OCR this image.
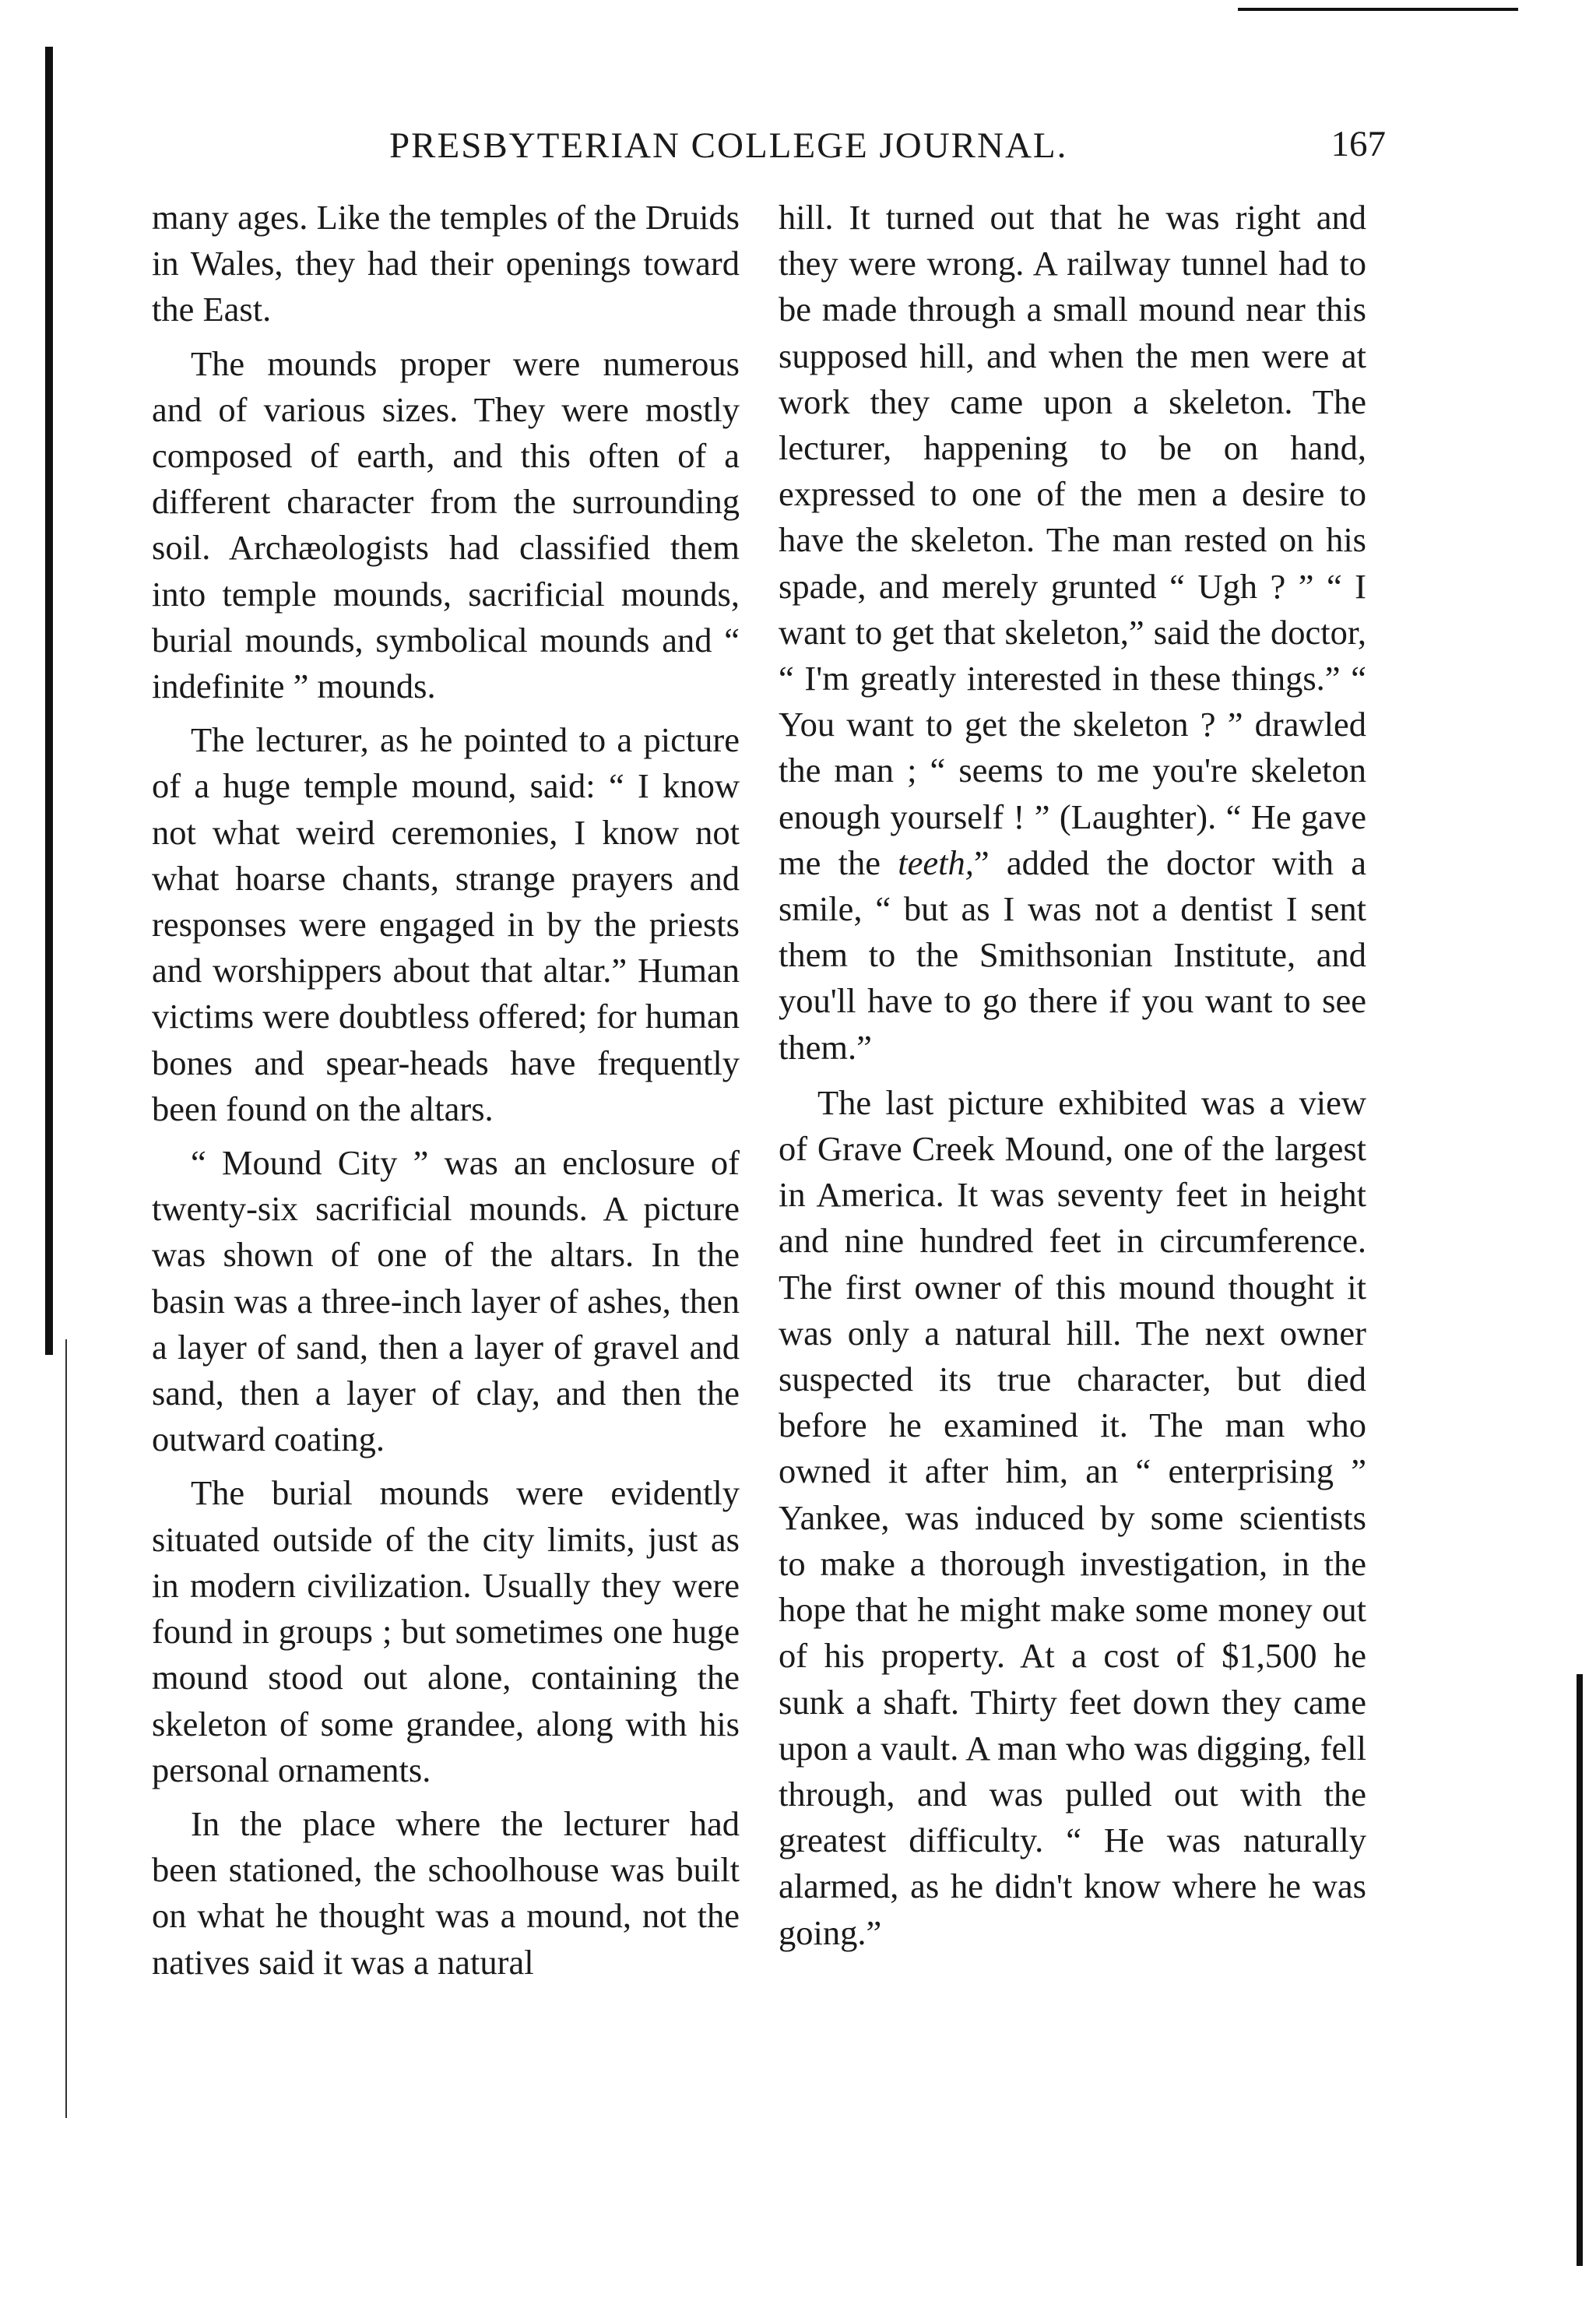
PRESBYTERIAN COLLEGE JOURNAL.	167

many ages. Like the temples of the Druids in Wales, they had their openings toward the East.

The mounds proper were numerous and of various sizes. They were mostly composed of earth, and this often of a different character from the surrounding soil. Archæologists had classified them into temple mounds, sacrificial mounds, burial mounds, symbolical mounds and “ indefinite ” mounds.

The lecturer, as he pointed to a picture of a huge temple mound, said: “ I know not what weird ceremonies, I know not what hoarse chants, strange prayers and responses were engaged in by the priests and worshippers about that altar.” Human victims were doubtless offered; for human bones and spear-heads have frequently been found on the altars.

“ Mound City ” was an enclosure of twenty-six sacrificial mounds. A picture was shown of one of the altars. In the basin was a three-inch layer of ashes, then a layer of sand, then a layer of gravel and sand, then a layer of clay, and then the outward coating.

The burial mounds were evidently situated outside of the city limits, just as in modern civilization. Usually they were found in groups ; but sometimes one huge mound stood out alone, containing the skeleton of some grandee, along with his personal ornaments.

In the place where the lecturer had been stationed, the schoolhouse was built on what he thought was a mound, not the natives said it was a natural

hill. It turned out that he was right and they were wrong. A railway tunnel had to be made through a small mound near this supposed hill, and when the men were at work they came upon a skeleton. The lecturer, happening to be on hand, expressed to one of the men a desire to have the skeleton. The man rested on his spade, and merely grunted “ Ugh ? ” “ I want to get that skeleton,” said the doctor, “ I'm greatly interested in these things.” “ You want to get the skeleton ? ” drawled the man ; “ seems to me you're skeleton enough yourself ! ” (Laughter). “ He gave me the teeth,” added the doctor with a smile, “ but as I was not a dentist I sent them to the Smithsonian Institute, and you'll have to go there if you want to see them.”

The last picture exhibited was a view of Grave Creek Mound, one of the largest in America. It was seventy feet in height and nine hundred feet in circumference. The first owner of this mound thought it was only a natural hill. The next owner suspected its true character, but died before he examined it. The man who owned it after him, an “ enterprising ” Yankee, was induced by some scientists to make a thorough investigation, in the hope that he might make some money out of his property. At a cost of $1,500 he sunk a shaft. Thirty feet down they came upon a vault. A man who was digging, fell through, and was pulled out with the greatest difficulty. “ He was naturally alarmed, as he didn't know where he was going.”
